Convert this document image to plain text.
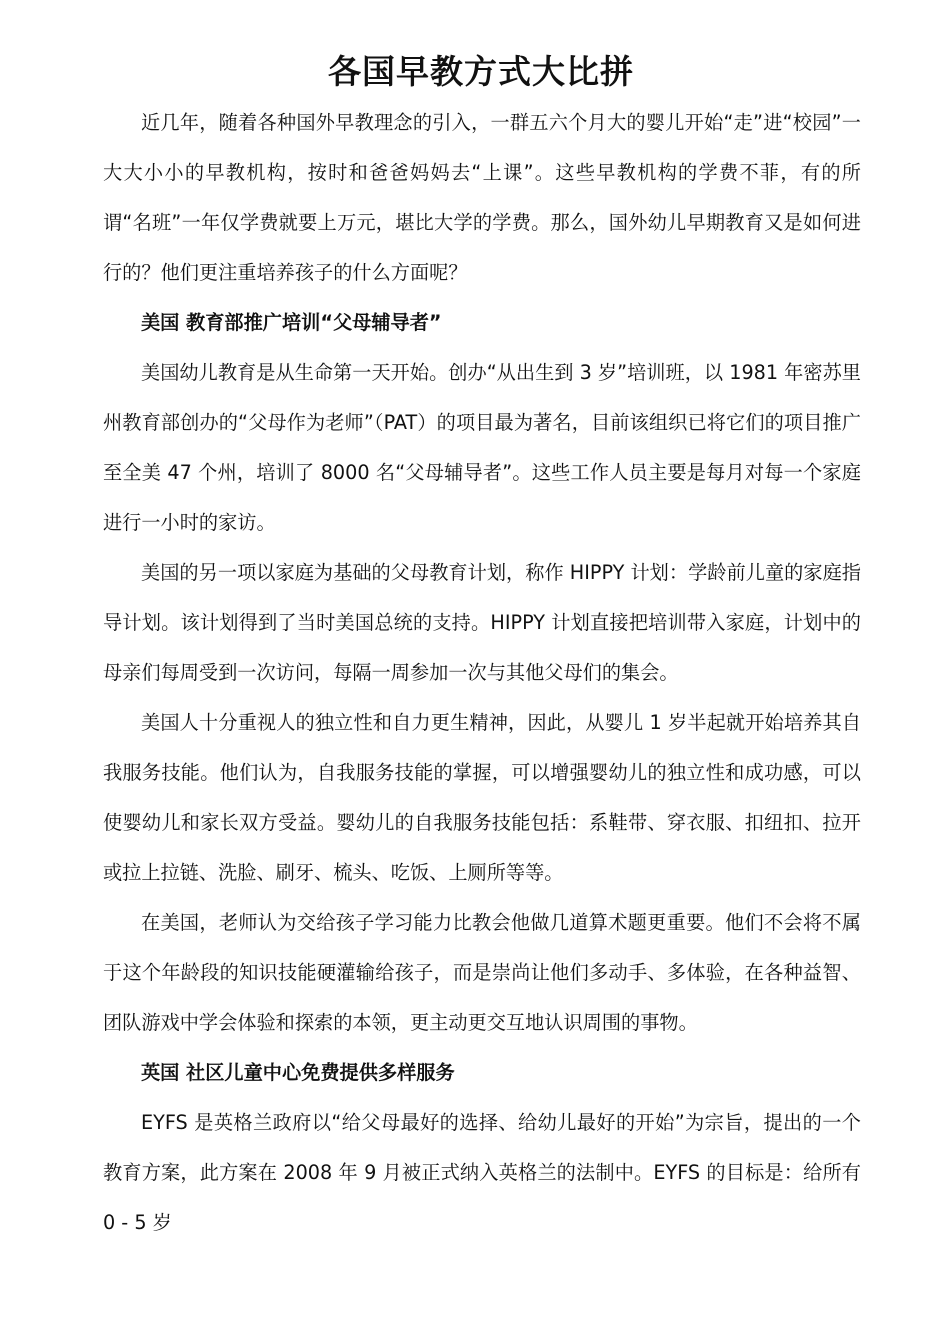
各国早教方式大比拼

近几年，随着各种国外早教理念的引入，一群五六个月大的婴儿开始“走”进“校园”一大大小小的早教机构，按时和爸爸妈妈去“上课”。这些早教机构的学费不菲，有的所谓“名班”一年仅学费就要上万元，堪比大学的学费。那么，国外幼儿早期教育又是如何进行的？他们更注重培养孩子的什么方面呢？

美国 教育部推广培训“父母辅导者”

美国幼儿教育是从生命第一天开始。创办“从出生到 3 岁”培训班，以 1981 年密苏里州教育部创办的“父母作为老师”（PAT）的项目最为著名，目前该组织已将它们的项目推广至全美 47 个州，培训了 8000 名“父母辅导者”。这些工作人员主要是每月对每一个家庭进行一小时的家访。

美国的另一项以家庭为基础的父母教育计划，称作 HIPPY 计划：学龄前儿童的家庭指导计划。该计划得到了当时美国总统的支持。HIPPY 计划直接把培训带入家庭，计划中的母亲们每周受到一次访问，每隔一周参加一次与其他父母们的集会。

美国人十分重视人的独立性和自力更生精神，因此，从婴儿 1 岁半起就开始培养其自我服务技能。他们认为，自我服务技能的掌握，可以增强婴幼儿的独立性和成功感，可以使婴幼儿和家长双方受益。婴幼儿的自我服务技能包括：系鞋带、穿衣服、扣纽扣、拉开或拉上拉链、洗脸、刷牙、梳头、吃饭、上厕所等等。

在美国，老师认为交给孩子学习能力比教会他做几道算术题更重要。他们不会将不属于这个年龄段的知识技能硬灌输给孩子，而是崇尚让他们多动手、多体验，在各种益智、团队游戏中学会体验和探索的本领，更主动更交互地认识周围的事物。

英国 社区儿童中心免费提供多样服务

EYFS 是英格兰政府以“给父母最好的选择、给幼儿最好的开始”为宗旨，提出的一个教育方案，此方案在 2008 年 9 月被正式纳入英格兰的法制中。EYFS 的目标是：给所有 0 - 5 岁
